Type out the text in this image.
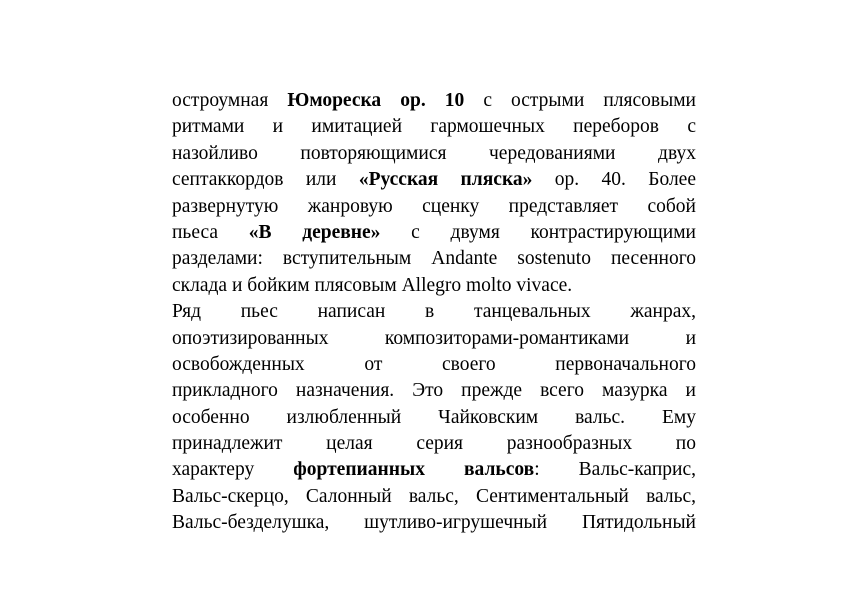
остроумная Юмореска ор. 10 с острыми плясовыми
ритмами и имитацией гармошечных переборов с
назойливо повторяющимися чередованиями двух
септаккордов или «Русская пляска» ор. 40. Более
развернутую жанровую сценку представляет собой
пьеса «В деревне» с двумя контрастирующими
разделами: вступительным Andante sostenuto песенного
склада и бойким плясовым Allegro molto vivace.
Ряд пьес написан в танцевальных жанрах,
опоэтизированных композиторами-романтиками и
освобожденных от своего первоначального
прикладного назначения. Это прежде всего мазурка и
особенно излюбленный Чайковским вальс. Ему
принадлежит целая серия разнообразных по
характеру фортепианных вальсов: Вальс-каприс,
Вальс-скерцо, Салонный вальс, Сентиментальный вальс,
Вальс-безделушка, шутливо-игрушечный Пятидольный
